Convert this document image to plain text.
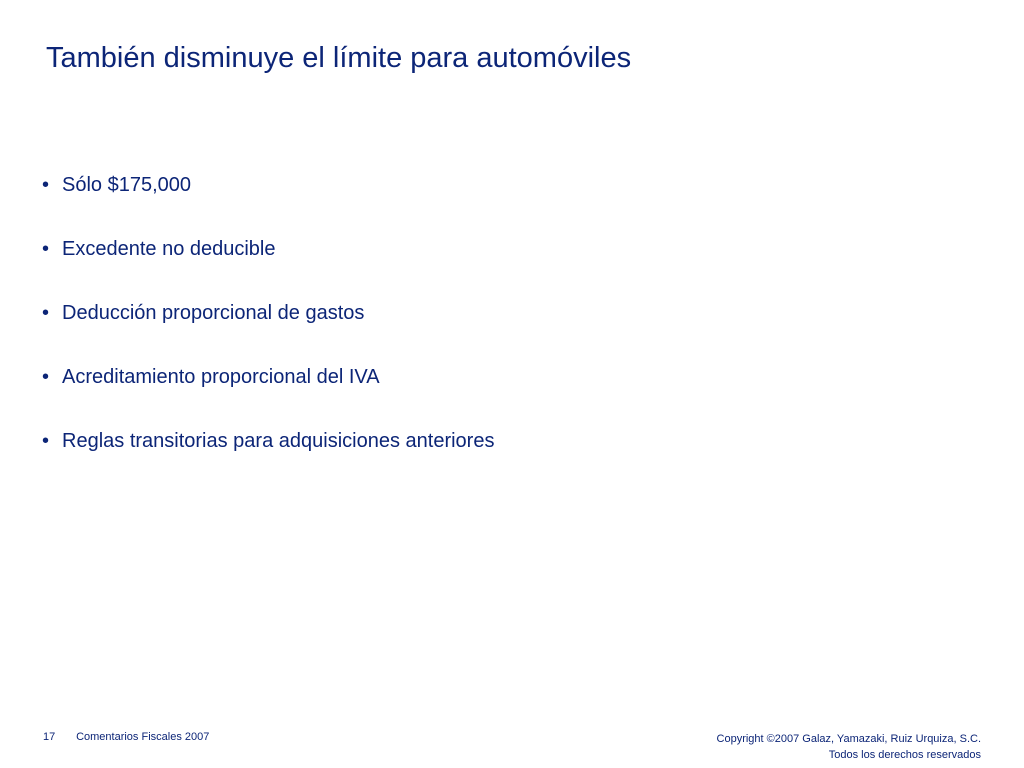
También disminuye el límite para automóviles
• Sólo $175,000
• Excedente no deducible
• Deducción proporcional de gastos
• Acreditamiento proporcional del IVA
• Reglas transitorias para adquisiciones anteriores
17 Comentarios Fiscales 2007	Copyright ©2007 Galaz, Yamazaki, Ruiz Urquiza, S.C.
Todos los derechos reservados
